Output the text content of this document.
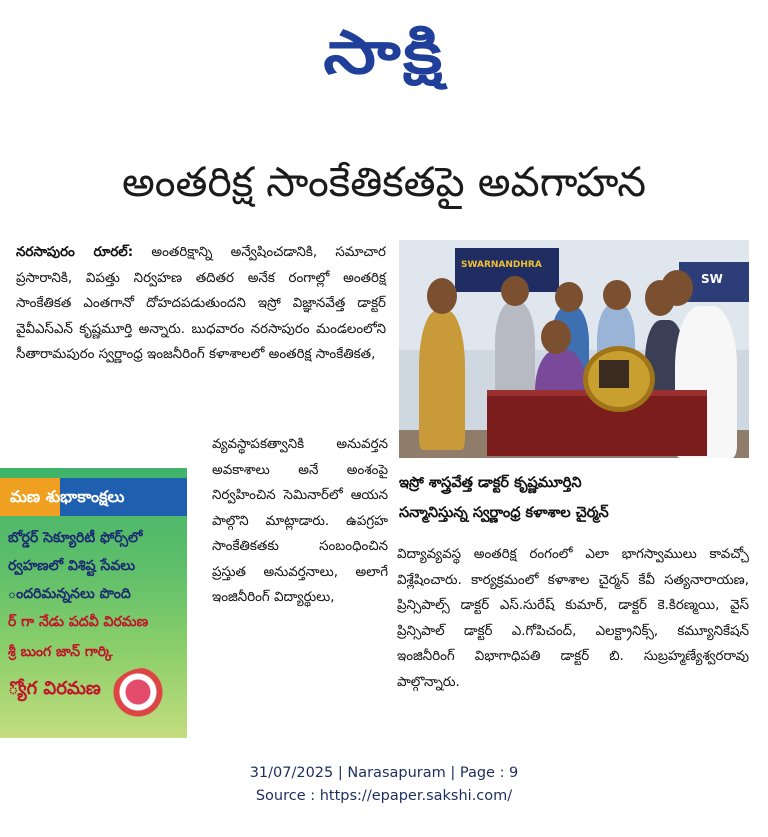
సాక్షి
అంతరిక్ష సాంకేతికతపై అవగాహన

నరసాపురం రూరల్: అంతరిక్షాన్ని అన్వేషించడానికి, సమాచార ప్రసారానికి, విపత్తు నిర్వహణ తదితర అనేక రంగాల్లో అంతరిక్ష సాంకేతికత ఎంతగానో దోహదపడుతుందని ఇస్రో విజ్ఞానవేత్త డాక్టర్ వైవీఎస్ఎన్ కృష్ణమూర్తి అన్నారు. బుధవారం నరసాపురం మండలంలోని సీతారామపురం స్వర్ణాంధ్ర ఇంజనీరింగ్ కళాశాలలో అంతరిక్ష సాంకేతికత,

SWARNANDHRA
SW
ఇస్రో శాస్త్రవేత్త డాక్టర్ కృష్ణమూర్తిని
సన్మానిస్తున్న స్వర్ణాంధ్ర కళాశాల చైర్మన్

వ్యవస్థాపకత్వానికి అనువర్తన అవకాశాలు అనే అంశంపై నిర్వహించిన సెమినార్‌లో ఆయన పాల్గొని మాట్లాడారు. ఉపగ్రహ సాంకేతికతకు సంబంధించిన ప్రస్తుత అనువర్తనాలు, అలాగే ఇంజినీరింగ్ విద్యార్థులు,

విద్యావ్యవస్థ అంతరిక్ష రంగంలో ఎలా భాగస్వాములు కావచ్చో విశ్లేషించారు. కార్యక్రమంలో కళాశాల చైర్మన్ కేవీ సత్యనారాయణ, ప్రిన్సిపాల్స్ డాక్టర్ ఎస్.సురేష్ కుమార్, డాక్టర్ కె.కిరణ్మయి, వైస్ ప్రిన్సిపాల్ డాక్టర్ ఎ.గోపిచంద్, ఎలక్ట్రానిక్స్, కమ్యూనికేషన్ ఇంజినీరింగ్ విభాగాధిపతి డాక్టర్ బి. సుబ్రహ్మణ్యేశ్వరరావు పాల్గొన్నారు.

మణ శుభాకాంక్షలు
బోర్డర్ సెక్యూరిటీ ఫోర్స్‌లో
ర్వహణలో విశిష్ట సేవలు
ందరిమన్ననలు పొంది
ర్ గా నేడు పదవీ విరమణ
శ్రీ బుంగ జాన్ గార్కి
్యోగ విరమణ
31/07/2025 | Narasapuram | Page : 9
Source : https://epaper.sakshi.com/
